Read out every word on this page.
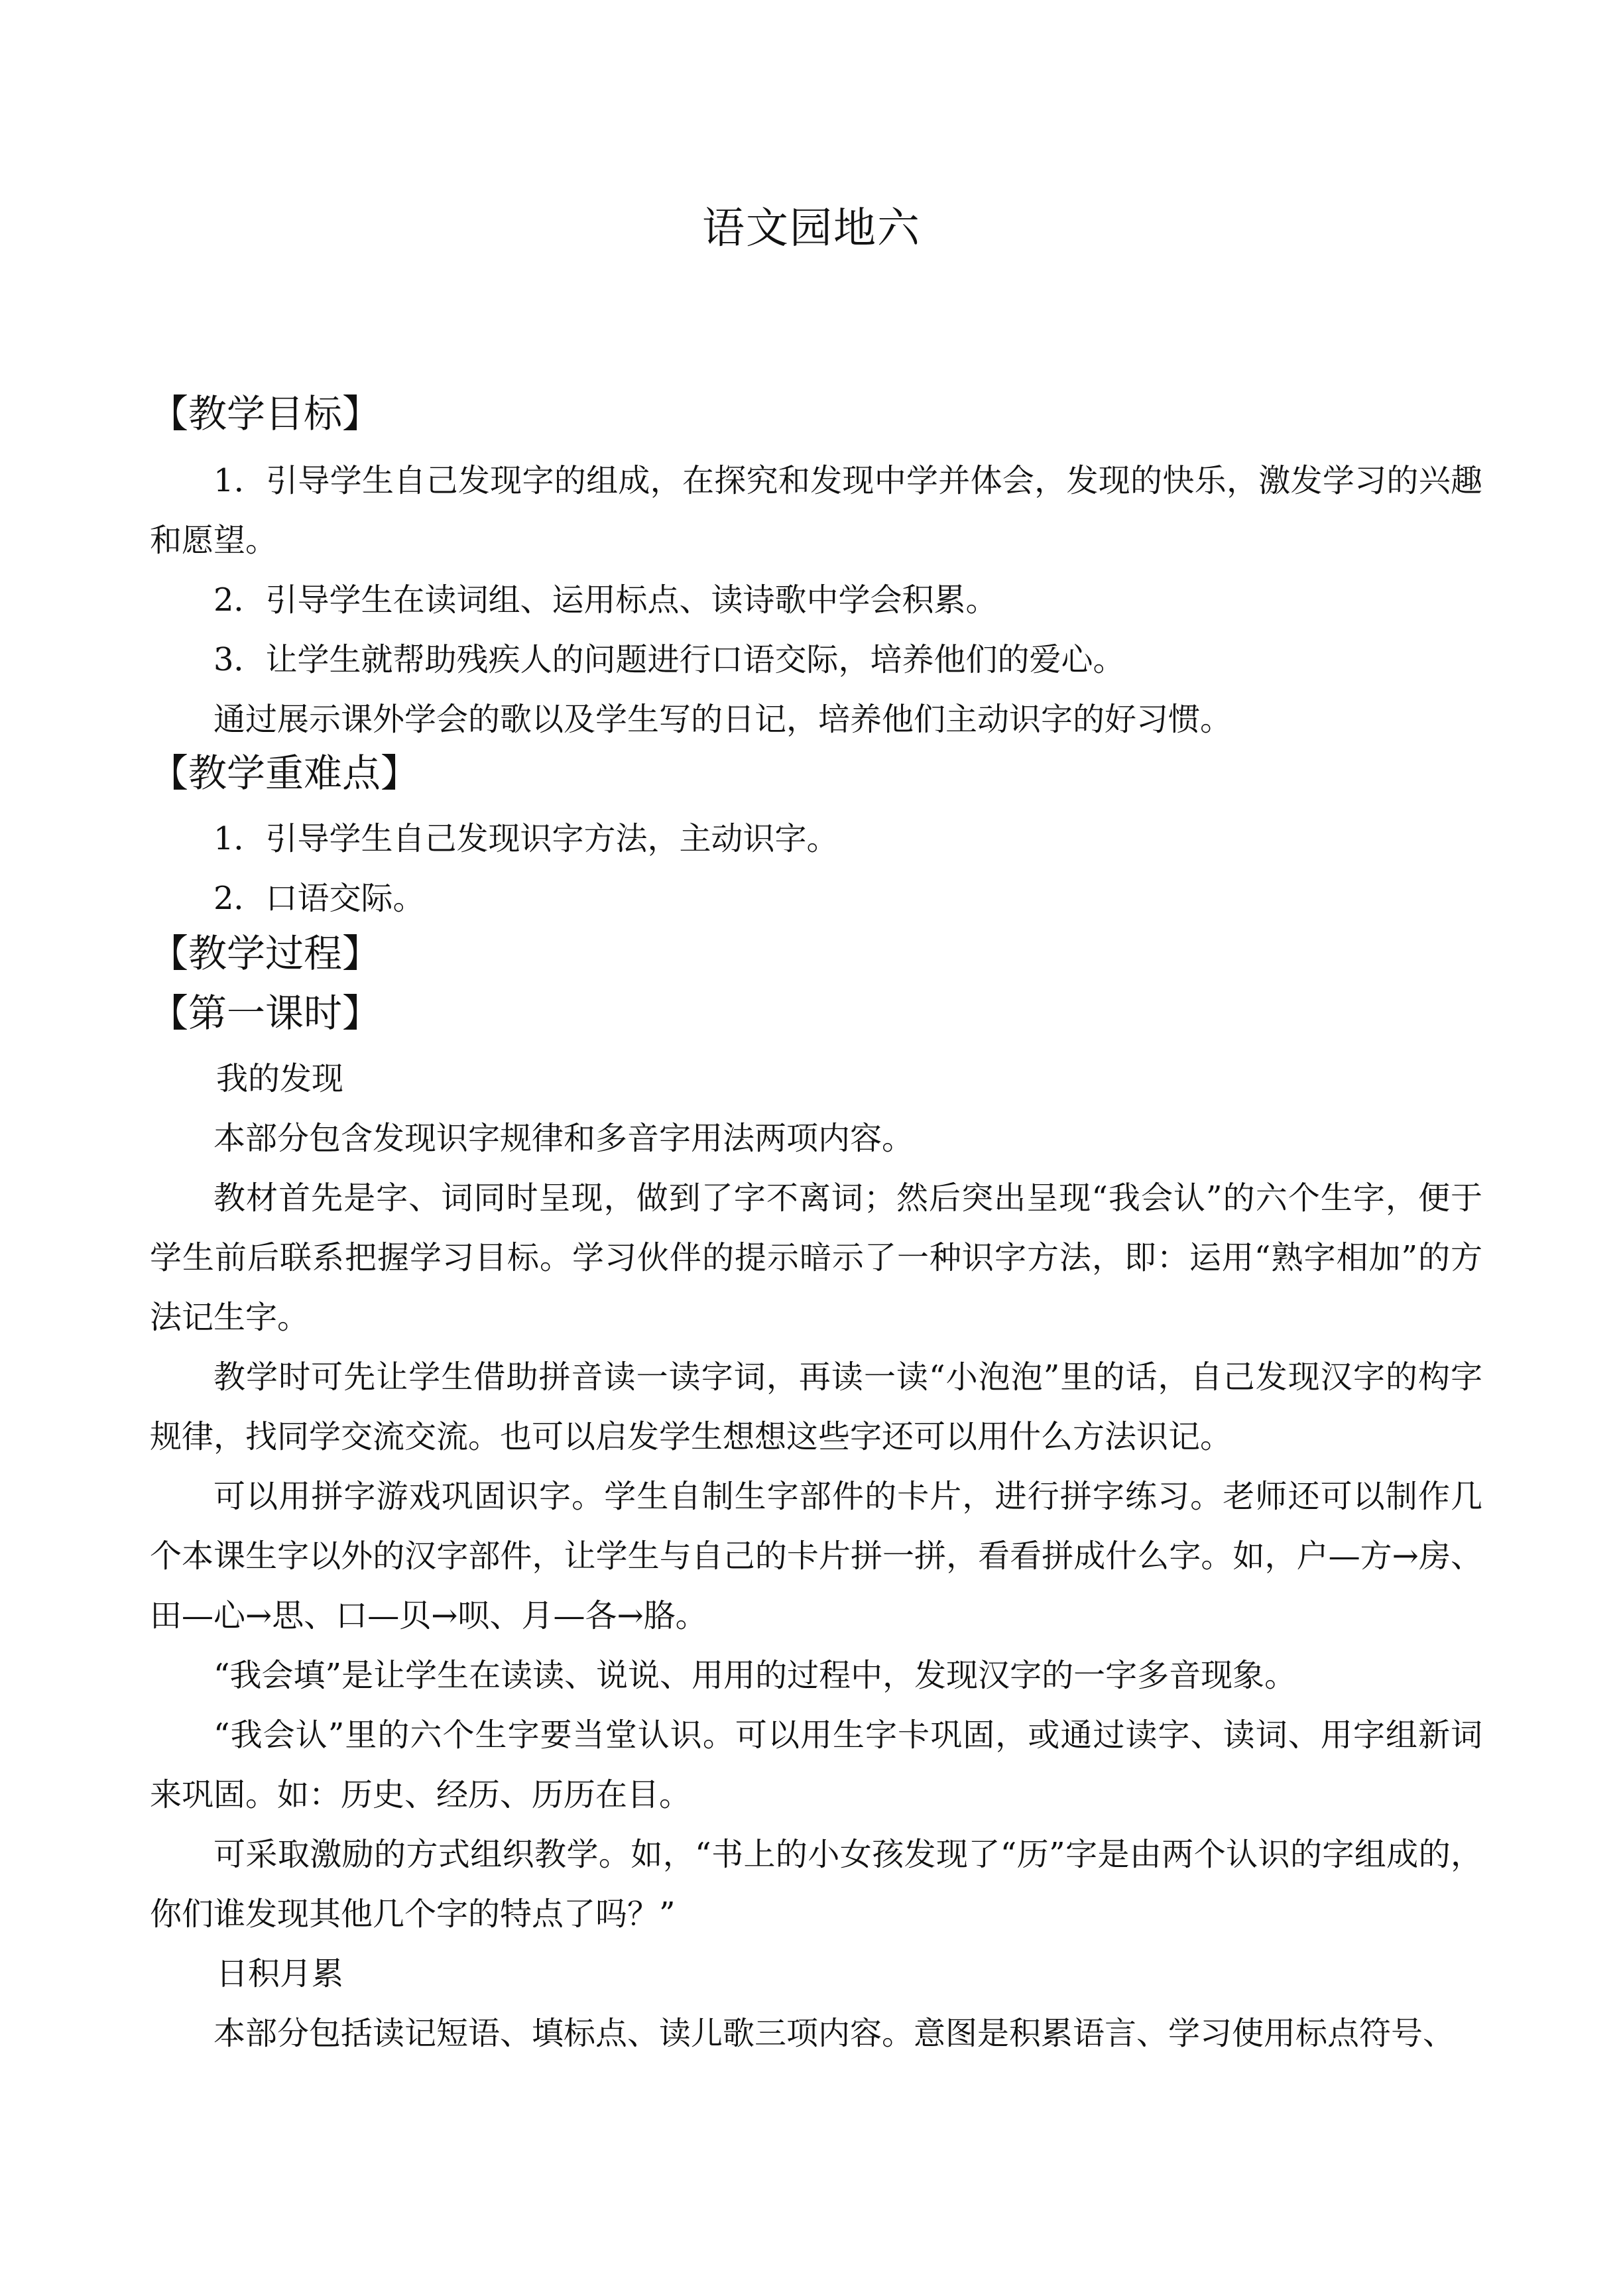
语文园地六
【教学目标】
1．引导学生自己发现字的组成，在探究和发现中学并体会，发现的快乐，激发学习的兴趣和愿望。
2．引导学生在读词组、运用标点、读诗歌中学会积累。
3．让学生就帮助残疾人的问题进行口语交际，培养他们的爱心。
通过展示课外学会的歌以及学生写的日记，培养他们主动识字的好习惯。
【教学重难点】
1．引导学生自己发现识字方法，主动识字。
2．口语交际。
【教学过程】
【第一课时】
我的发现
本部分包含发现识字规律和多音字用法两项内容。
教材首先是字、词同时呈现，做到了字不离词；然后突出呈现“我会认”的六个生字，便于学生前后联系把握学习目标。学习伙伴的提示暗示了一种识字方法，即：运用“熟字相加”的方法记生字。
教学时可先让学生借助拼音读一读字词，再读一读“小泡泡”里的话，自己发现汉字的构字规律，找同学交流交流。也可以启发学生想想这些字还可以用什么方法识记。
可以用拼字游戏巩固识字。学生自制生字部件的卡片，进行拼字练习。老师还可以制作几个本课生字以外的汉字部件，让学生与自己的卡片拼一拼，看看拼成什么字。如，户—方→房、田—心→思、口—贝→呗、月—各→胳。
“我会填”是让学生在读读、说说、用用的过程中，发现汉字的一字多音现象。
“我会认”里的六个生字要当堂认识。可以用生字卡巩固，或通过读字、读词、用字组新词来巩固。如：历史、经历、历历在目。
可采取激励的方式组织教学。如，“书上的小女孩发现了“历”字是由两个认识的字组成的，你们谁发现其他几个字的特点了吗？”
日积月累
本部分包括读记短语、填标点、读儿歌三项内容。意图是积累语言、学习使用标点符号、
